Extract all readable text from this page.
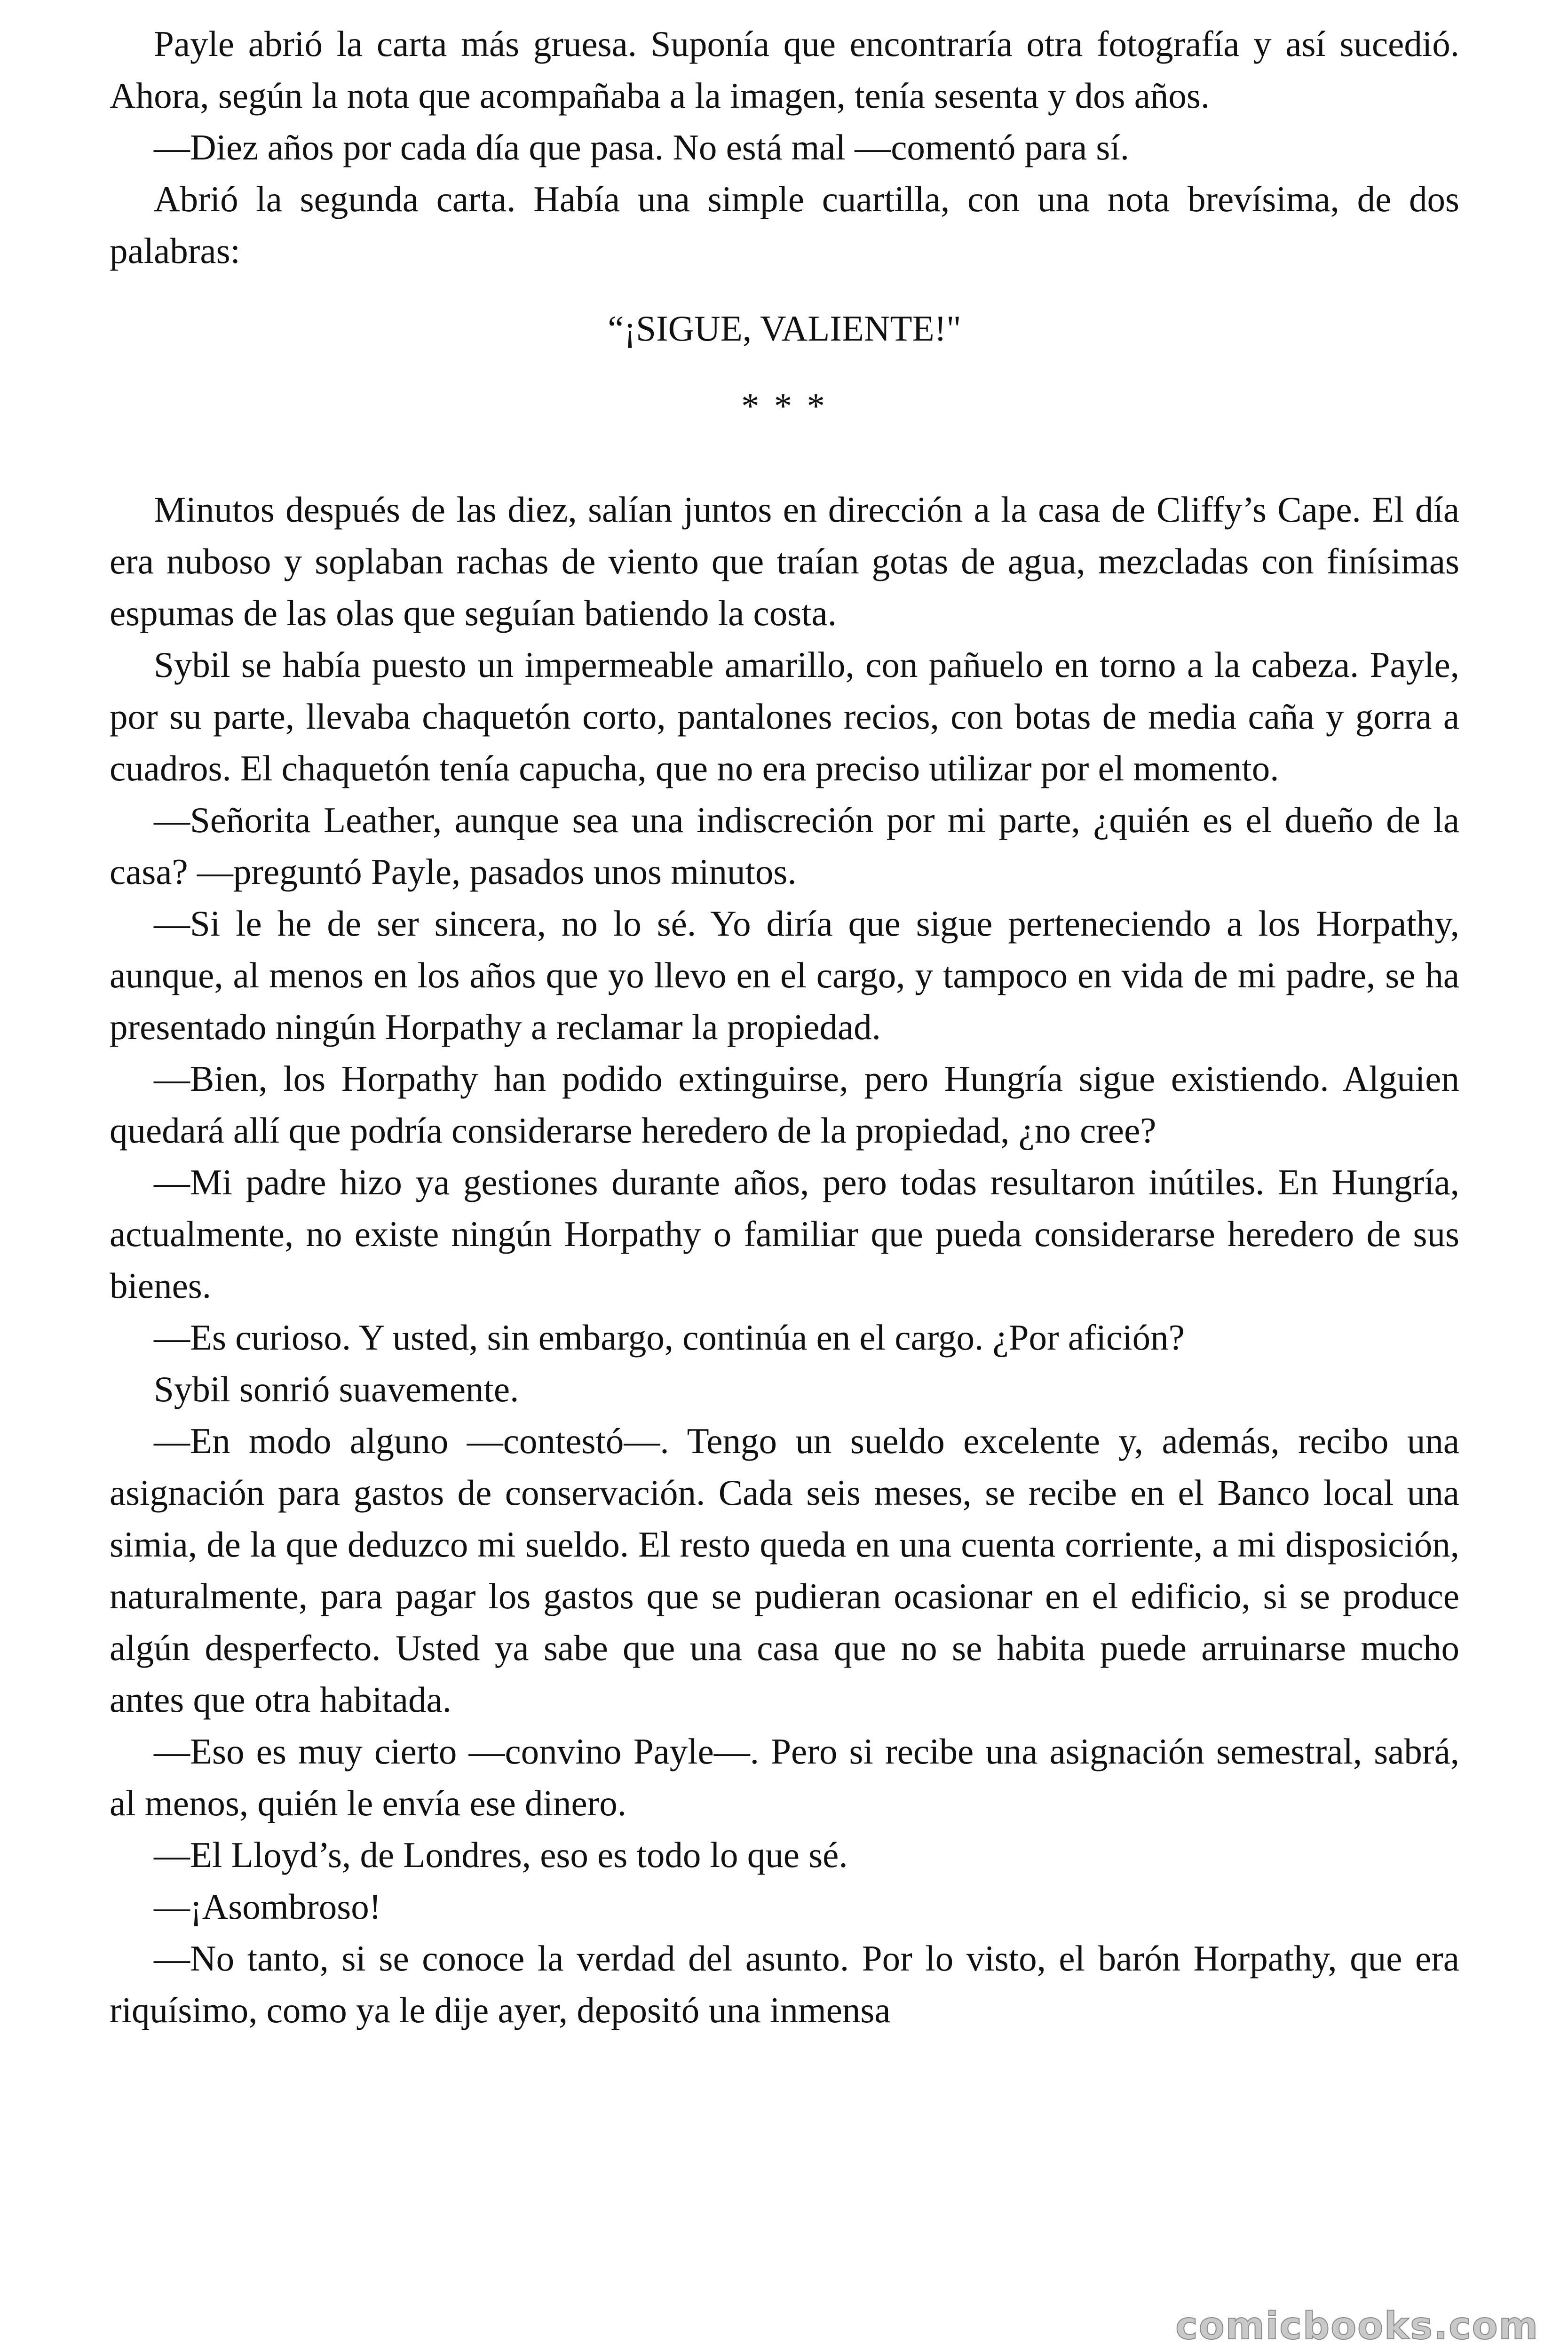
Payle abrió la carta más gruesa. Suponía que encontraría otra fotografía y así sucedió. Ahora, según la nota que acompañaba a la imagen, tenía sesenta y dos años.

—Diez años por cada día que pasa. No está mal —comentó para sí.

Abrió la segunda carta. Había una simple cuartilla, con una nota brevísima, de dos palabras:

“¡SIGUE, VALIENTE!"

* * *

Minutos después de las diez, salían juntos en dirección a la casa de Cliffy’s Cape. El día era nuboso y soplaban rachas de viento que traían gotas de agua, mezcladas con finísimas espumas de las olas que seguían batiendo la costa.

Sybil se había puesto un impermeable amarillo, con pañuelo en torno a la cabeza. Payle, por su parte, llevaba chaquetón corto, pantalones recios, con botas de media caña y gorra a cuadros. El chaquetón tenía capucha, que no era preciso utilizar por el momento.

—Señorita Leather, aunque sea una indiscreción por mi parte, ¿quién es el dueño de la casa? —preguntó Payle, pasados unos minutos.

—Si le he de ser sincera, no lo sé. Yo diría que sigue perteneciendo a los Horpathy, aunque, al menos en los años que yo llevo en el cargo, y tampoco en vida de mi padre, se ha presentado ningún Horpathy a reclamar la propiedad.

—Bien, los Horpathy han podido extinguirse, pero Hungría sigue existiendo. Alguien quedará allí que podría considerarse heredero de la propiedad, ¿no cree?

—Mi padre hizo ya gestiones durante años, pero todas resultaron inútiles. En Hungría, actualmente, no existe ningún Horpathy o familiar que pueda considerarse heredero de sus bienes.

—Es curioso. Y usted, sin embargo, continúa en el cargo. ¿Por afición?

Sybil sonrió suavemente.

—En modo alguno —contestó—. Tengo un sueldo excelente y, además, recibo una asignación para gastos de conservación. Cada seis meses, se recibe en el Banco local una simia, de la que deduzco mi sueldo. El resto queda en una cuenta corriente, a mi disposición, naturalmente, para pagar los gastos que se pudieran ocasionar en el edificio, si se produce algún desperfecto. Usted ya sabe que una casa que no se habita puede arruinarse mucho antes que otra habitada.

—Eso es muy cierto —convino Payle—. Pero si recibe una asignación semestral, sabrá, al menos, quién le envía ese dinero.

—El Lloyd’s, de Londres, eso es todo lo que sé.

—¡Asombroso!

—No tanto, si se conoce la verdad del asunto. Por lo visto, el barón Horpathy, que era riquísimo, como ya le dije ayer, depositó una inmensa

comicbooks.com
